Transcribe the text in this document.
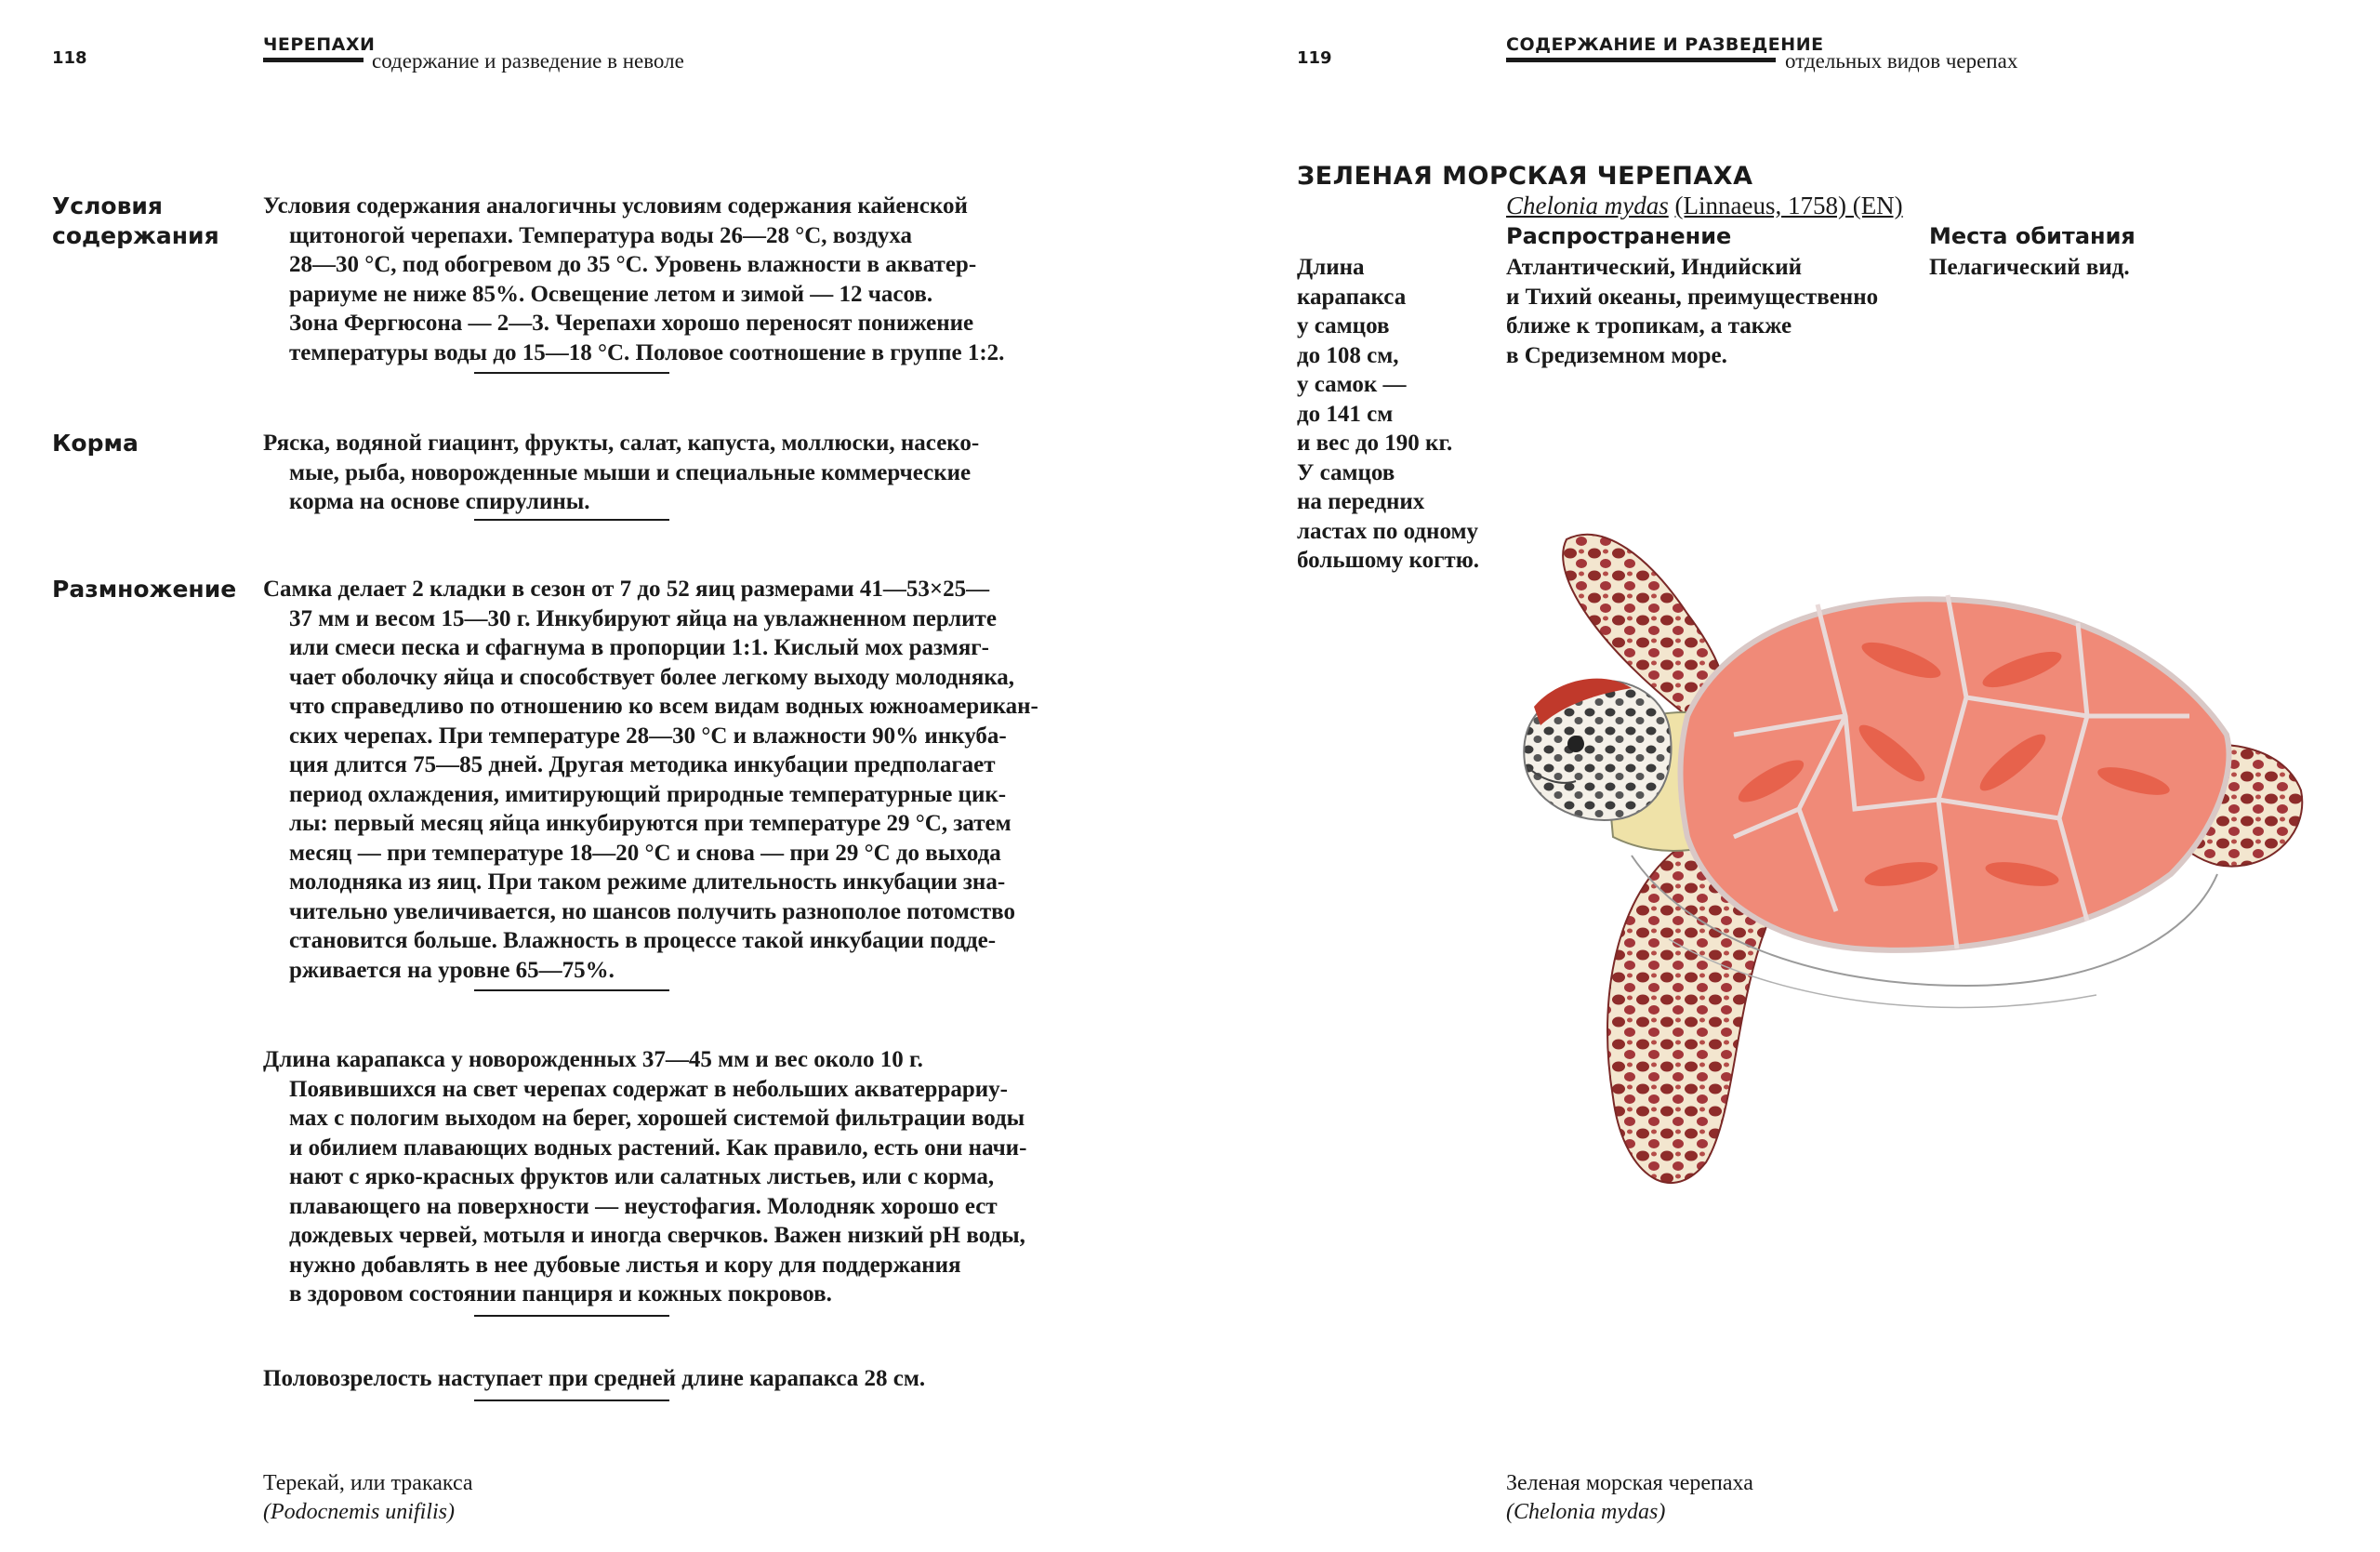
118
ЧЕРЕПАХИ
содержание и разведение в неволе
Условия
содержания
Условия содержания аналогичны условиям содержания кайенской
щитоногой черепахи. Температура воды 26—28 °С, воздуха
28—30 °С, под обогревом до 35 °С. Уровень влажности в акватер-
рариуме не ниже 85%. Освещение летом и зимой — 12 часов.
Зона Фергюсона — 2—3. Черепахи хорошо переносят понижение
температуры воды до 15—18 °С. Половое соотношение в группе 1:2.
Корма	Ряска, водяной гиацинт, фрукты, салат, капуста, моллюски, насеко-
мые, рыба, новорожденные мыши и специальные коммерческие
корма на основе спирулины.
Размножение Самка делает 2 кладки в сезон от 7 до 52 яиц размерами 41—53×25—
37 мм и весом 15—30 г. Инкубируют яйца на увлажненном перлите
или смеси песка и сфагнума в пропорции 1:1. Кислый мох размяг-
чает оболочку яйца и способствует более легкому выходу молодняка,
что справедливо по отношению ко всем видам водных южноамерикан-
ских черепах. При температуре 28—30 °С и влажности 90% инкуба-
ция длится 75—85 дней. Другая методика инкубации предполагает
период охлаждения, имитирующий природные температурные цик-
лы: первый месяц яйца инкубируются при температуре 29 °С, затем
месяц — при температуре 18—20 °С и снова — при 29 °С до выхода
молодняка из яиц. При таком режиме длительность инкубации зна-
чительно увеличивается, но шансов получить разнополое потомство
становится больше. Влажность в процессе такой инкубации подде-
рживается на уровне 65—75%.
Длина карапакса у новорожденных 37—45 мм и вес около 10 г.
Появившихся на свет черепах содержат в небольших акватеррариу-
мах с пологим выходом на берег, хорошей системой фильтрации воды
и обилием плавающих водных растений. Как правило, есть они начи-
нают с ярко-красных фруктов или салатных листьев, или с корма,
плавающего на поверхности — неустофагия. Молодняк хорошо ест
дождевых червей, мотыля и иногда сверчков. Важен низкий pH воды,
нужно добавлять в нее дубовые листья и кору для поддержания
в здоровом состоянии панциря и кожных покровов.
Половозрелость наступает при средней длине карапакса 28 см.
Терекай, или тракакса
(Podocnemis unifilis)
119
СОДЕРЖАНИЕ И РАЗВЕДЕНИЕ
отдельных видов черепах
ЗЕЛЕНАЯ МОРСКАЯ ЧЕРЕПАХА
Chelonia mydas (Linnaeus, 1758) (EN)
Распространение	Места обитания
Длина
карапакса
у самцов
до 108 см,
у самок —
до 141 см
и вес до 190 кг.
У самцов
на передних
ластах по одному
большому когтю.
Атлантический, Индийский
и Тихий океаны, преимущественно
ближе к тропикам, а также
в Средиземном море.
Пелагический вид.
Зеленая морская черепаха
(Chelonia mydas)
